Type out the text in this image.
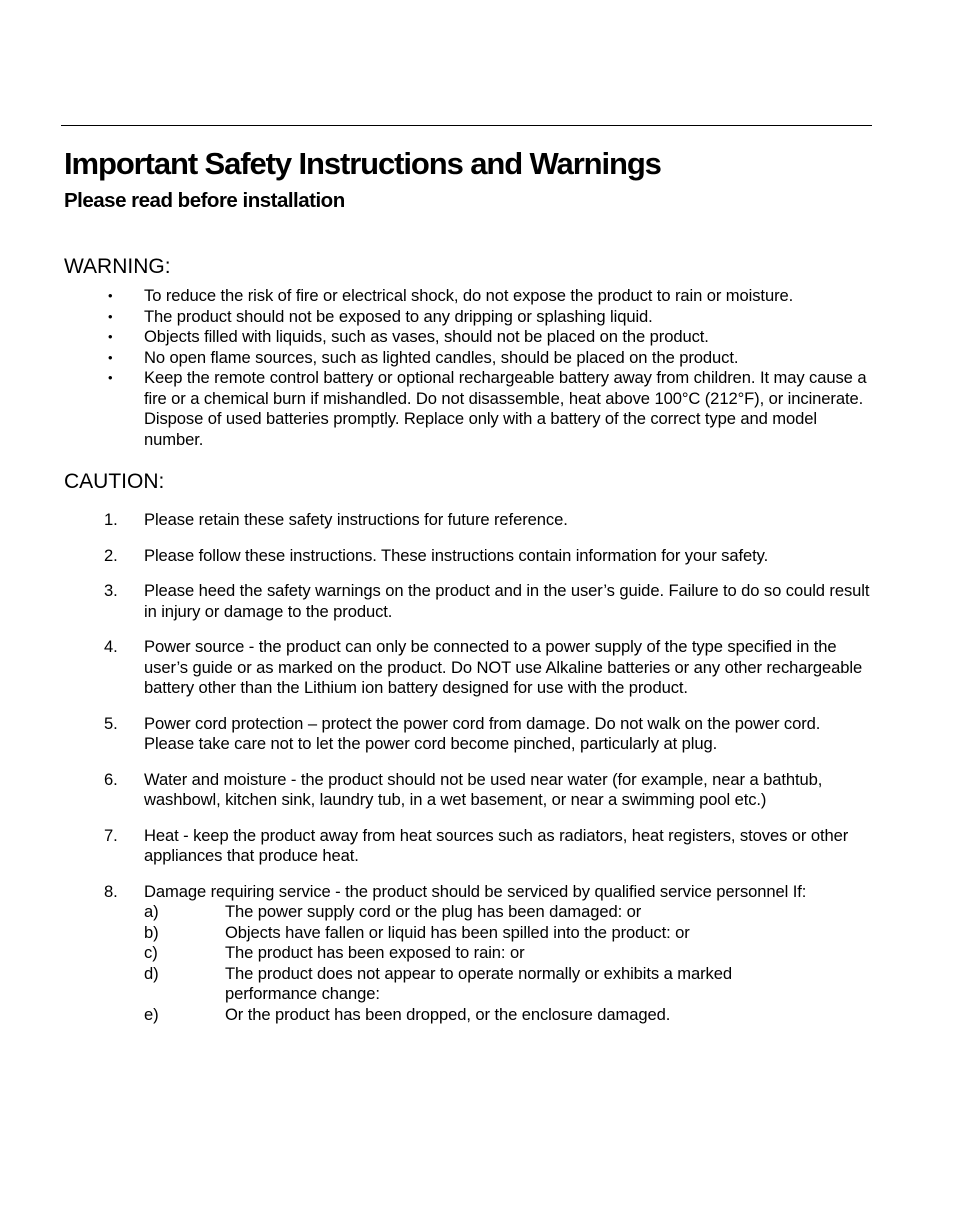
Important Safety Instructions and Warnings
Please read before installation
WARNING:
• To reduce the risk of fire or electrical shock, do not expose the product to rain or moisture.
• The product should not be exposed to any dripping or splashing liquid.
• Objects filled with liquids, such as vases, should not be placed on the product.
• No open flame sources, such as lighted candles, should be placed on the product.
• Keep the remote control battery or optional rechargeable battery away from children. It may cause a fire or a chemical burn if mishandled. Do not disassemble, heat above 100°C (212°F), or incinerate. Dispose of used batteries promptly. Replace only with a battery of the correct type and model number.
CAUTION:
1. Please retain these safety instructions for future reference.
2. Please follow these instructions. These instructions contain information for your safety.
3. Please heed the safety warnings on the product and in the user’s guide. Failure to do so could result in injury or damage to the product.
4. Power source - the product can only be connected to a power supply of the type specified in the user’s guide or as marked on the product. Do NOT use Alkaline batteries or any other rechargeable battery other than the Lithium ion battery designed for use with the product.
5. Power cord protection – protect the power cord from damage. Do not walk on the power cord. Please take care not to let the power cord become pinched, particularly at plug.
6. Water and moisture - the product should not be used near water (for example, near a bathtub, washbowl, kitchen sink, laundry tub, in a wet basement, or near a swimming pool etc.)
7. Heat - keep the product away from heat sources such as radiators, heat registers, stoves or other appliances that produce heat.
8. Damage requiring service - the product should be serviced by qualified service personnel If:
a)	The power supply cord or the plug has been damaged: or
b)	Objects have fallen or liquid has been spilled into the product: or
c)	The product has been exposed to rain: or
d)	The product does not appear to operate normally or exhibits a marked performance change:
e)	Or the product has been dropped, or the enclosure damaged.
